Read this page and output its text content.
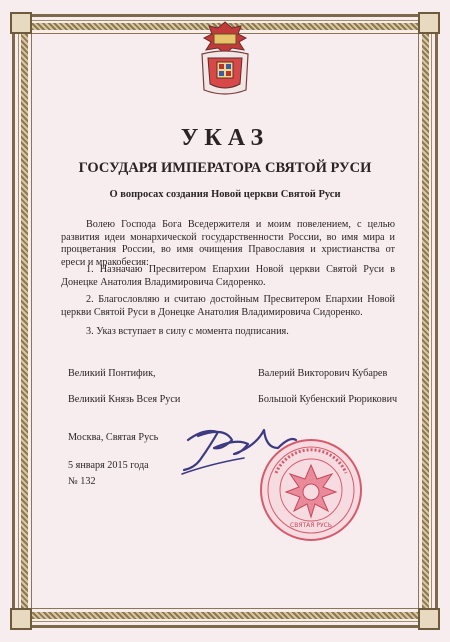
УКАЗ
ГОСУДАРЯ ИМПЕРАТОРА СВЯТОЙ РУСИ
О вопросах создания Новой церкви Святой Руси
Волею Господа Бога Вседержителя и моим повелением, с целью развития идеи монархической государственности России, во имя мира и процветания России, во имя очищения Православия и христианства от ереси и мракобесия:
1. Назначаю Пресвитером Епархии Новой церкви Святой Руси в Донецке Анатолия Владимировича Сидоренко.
2. Благословляю и считаю достойным Пресвитером Епархии Новой церкви Святой Руси в Донецке Анатолия Владимировича Сидоренко.
3. Указ вступает в силу с момента подписания.
Великий Понтифик,
Великий Князь Всея Руси
Валерий Викторович Кубарев
Большой Кубенский Рюрикович
Москва, Святая Русь
5 января 2015 года
№ 132
СВЯТАЯ РУСЬ
